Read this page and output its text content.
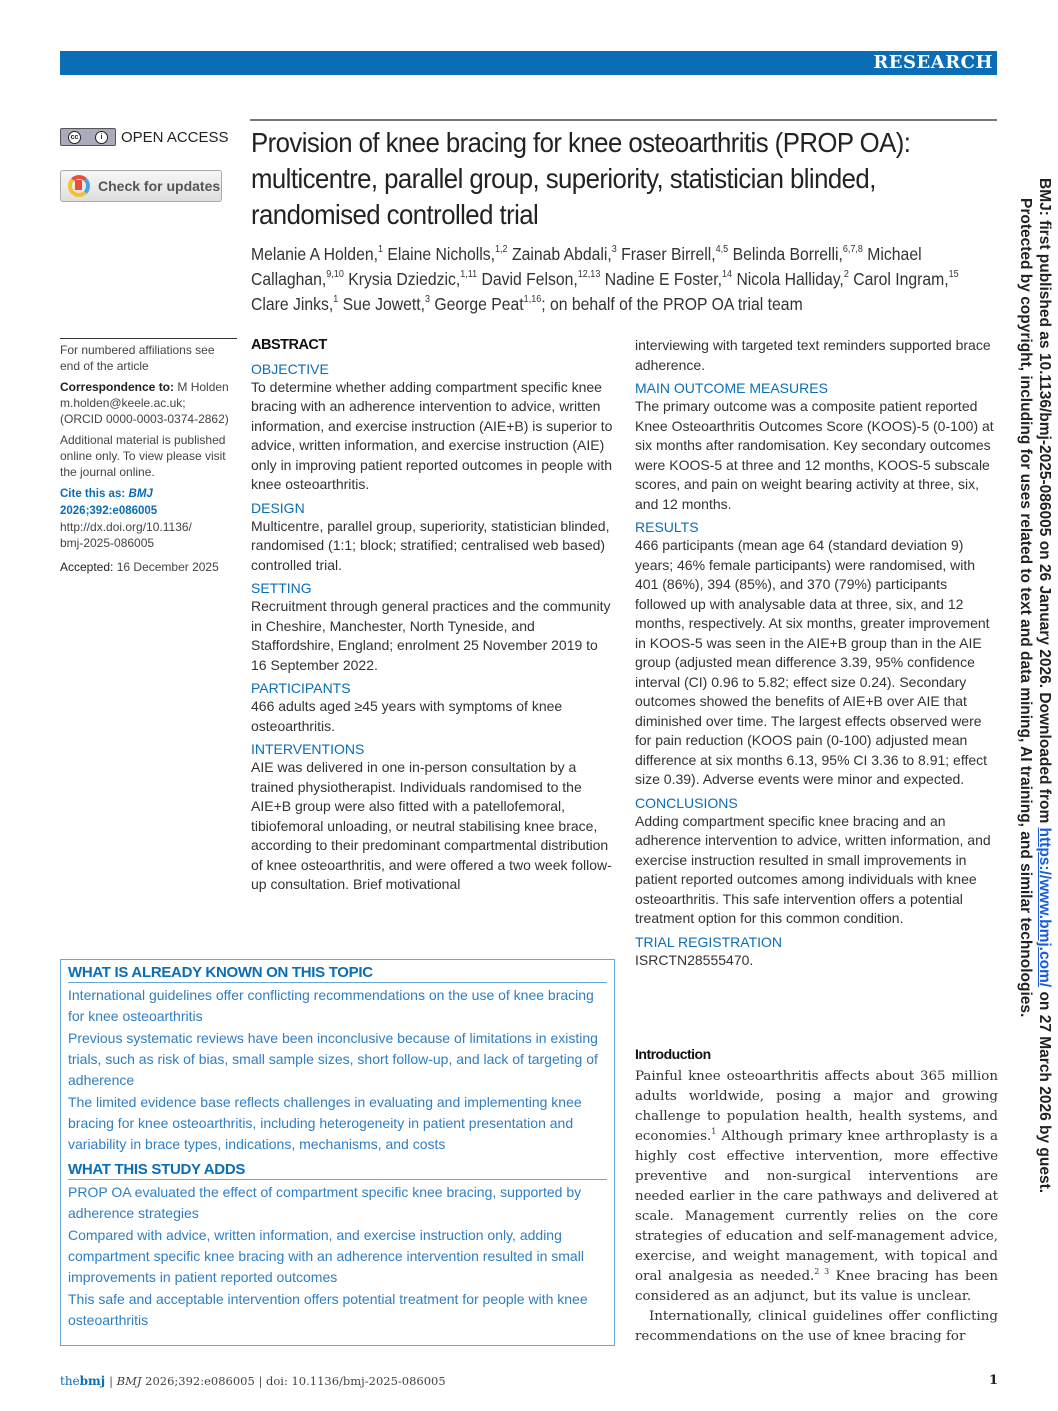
RESEARCH
cc	i	OPEN ACCESS
Check for updates
Provision of knee bracing for knee osteoarthritis (PROP OA): multicentre, parallel group, superiority, statistician blinded, randomised controlled trial
Melanie A Holden,$^1$ Elaine Nicholls,$^{1,2}$ Zainab Abdali,$^3$ Fraser Birrell,$^{4,5}$ Belinda Borrelli,$^{6,7,8}$ Michael Callaghan,$^{9,10}$ Krysia Dziedzic,$^{1,11}$ David Felson,$^{12,13}$ Nadine E Foster,$^{14}$ Nicola Halliday,$^2$ Carol Ingram,$^{15}$ Clare Jinks,$^1$ Sue Jowett,$^3$ George Peat$^{1,16}$; on behalf of the PROP OA trial team

For numbered affiliations see end of the article

Correspondence to: M Holden
m.holden@keele.ac.uk;
(ORCID 0000-0003-0374-2862)

Additional material is published online only. To view please visit the journal online.

Cite this as: BMJ 2026;392:e086005
http://dx.doi.org/10.1136/
bmj-2025-086005

Accepted: 16 December 2025

ABSTRACT
OBJECTIVE
To determine whether adding compartment specific knee bracing with an adherence intervention to advice, written information, and exercise instruction (AIE+B) is superior to advice, written information, and exercise instruction (AIE) only in improving patient reported outcomes in people with knee osteoarthritis.
DESIGN
Multicentre, parallel group, superiority, statistician blinded, randomised (1:1; block; stratified; centralised web based) controlled trial.
SETTING
Recruitment through general practices and the community in Cheshire, Manchester, North Tyneside, and Staffordshire, England; enrolment 25 November 2019 to 16 September 2022.
PARTICIPANTS
466 adults aged ≥45 years with symptoms of knee osteoarthritis.
INTERVENTIONS
AIE was delivered in one in-person consultation by a trained physiotherapist. Individuals randomised to the AIE+B group were also fitted with a patellofemoral, tibiofemoral unloading, or neutral stabilising knee brace, according to their predominant compartmental distribution of knee osteoarthritis, and were offered a two week follow-up consultation. Brief motivational
interviewing with targeted text reminders supported brace adherence.
MAIN OUTCOME MEASURES
The primary outcome was a composite patient reported Knee Osteoarthritis Outcomes Score (KOOS)-5 (0-100) at six months after randomisation. Key secondary outcomes were KOOS-5 at three and 12 months, KOOS-5 subscale scores, and pain on weight bearing activity at three, six, and 12 months.
RESULTS
466 participants (mean age 64 (standard deviation 9) years; 46% female participants) were randomised, with 401 (86%), 394 (85%), and 370 (79%) participants followed up with analysable data at three, six, and 12 months, respectively. At six months, greater improvement in KOOS-5 was seen in the AIE+B group than in the AIE group (adjusted mean difference 3.39, 95% confidence interval (CI) 0.96 to 5.82; effect size 0.24). Secondary outcomes showed the benefits of AIE+B over AIE that diminished over time. The largest effects observed were for pain reduction (KOOS pain (0-100) adjusted mean difference at six months 6.13, 95% CI 3.36 to 8.91; effect size 0.39). Adverse events were minor and expected.
CONCLUSIONS
Adding compartment specific knee bracing and an adherence intervention to advice, written information, and exercise instruction resulted in small improvements in patient reported outcomes among individuals with knee osteoarthritis. This safe intervention offers a potential treatment option for this common condition.
TRIAL REGISTRATION
ISRCTN28555470.
WHAT IS ALREADY KNOWN ON THIS TOPIC
International guidelines offer conflicting recommendations on the use of knee bracing for knee osteoarthritis
Previous systematic reviews have been inconclusive because of limitations in existing trials, such as risk of bias, small sample sizes, short follow-up, and lack of targeting of adherence
The limited evidence base reflects challenges in evaluating and implementing knee bracing for knee osteoarthritis, including heterogeneity in patient presentation and variability in brace types, indications, mechanisms, and costs
WHAT THIS STUDY ADDS
PROP OA evaluated the effect of compartment specific knee bracing, supported by adherence strategies
Compared with advice, written information, and exercise instruction only, adding compartment specific knee bracing with an adherence intervention resulted in small improvements in patient reported outcomes
This safe and acceptable intervention offers potential treatment for people with knee osteoarthritis
Introduction

Painful knee osteoarthritis affects about 365 million adults worldwide, posing a major and growing challenge to population health, health systems, and economies.$^1$ Although primary knee arthroplasty is a highly cost effective intervention, more effective preventive and non-surgical interventions are needed earlier in the care pathways and delivered at scale. Management currently relies on the core strategies of education and self-management advice, exercise, and weight management, with topical and oral analgesia as needed.$^{2 3}$ Knee bracing has been considered as an adjunct, but its value is unclear.

Internationally, clinical guidelines offer conflicting recommendations on the use of knee bracing for

BMJ: first published as 10.1136/bmj-2025-086005 on 26 January 2026. Downloaded from https://www.bmj.com/ on 27 March 2026 by guest.
Protected by copyright, including for uses related to text and data mining, AI training, and similar technologies.
the bmj | BMJ 2026;392:e086005 | doi: 10.1136/bmj-2025-086005	1
